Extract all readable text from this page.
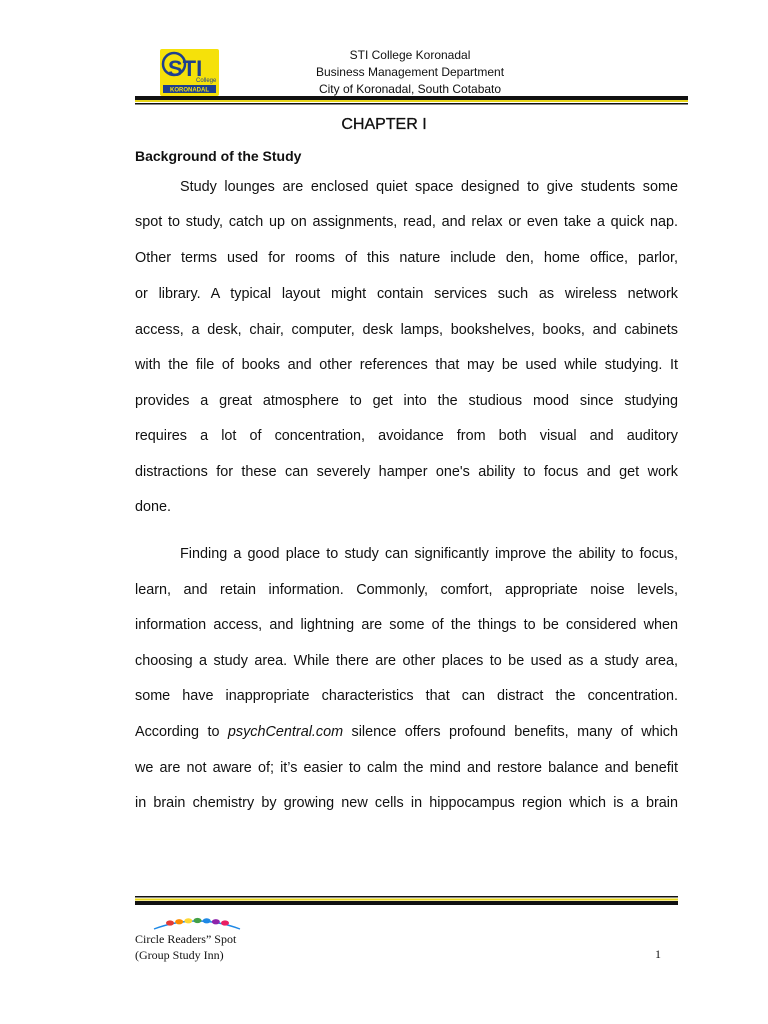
STI
College
KORONADAL
STI College Koronadal
Business Management Department
City of Koronadal, South Cotabato
CHAPTER I
Background of the Study
Study lounges are enclosed quiet space designed to give students some
spot to study, catch up on assignments, read, and relax or even take a quick nap.
Other terms used for rooms of this nature include den, home office, parlor,
or library. A typical layout might contain services such as wireless network
access, a desk, chair, computer, desk lamps, bookshelves, books, and cabinets
with the file of books and other references that may be used while studying. It
provides a great atmosphere to get into the studious mood since studying
requires a lot of concentration, avoidance from both visual and auditory
distractions for these can severely hamper one's ability to focus and get work
done.
Finding a good place to study can significantly improve the ability to focus,
learn, and retain information. Commonly, comfort, appropriate noise levels,
information access, and lightning are some of the things to be considered when
choosing a study area. While there are other places to be used as a study area,
some have inappropriate characteristics that can distract the concentration.
According to psychCentral.com silence offers profound benefits, many of which
we are not aware of; it’s easier to calm the mind and restore balance and benefit
in brain chemistry by growing new cells in hippocampus region which is a brain
Circle Readers” Spot
(Group Study Inn)	1
